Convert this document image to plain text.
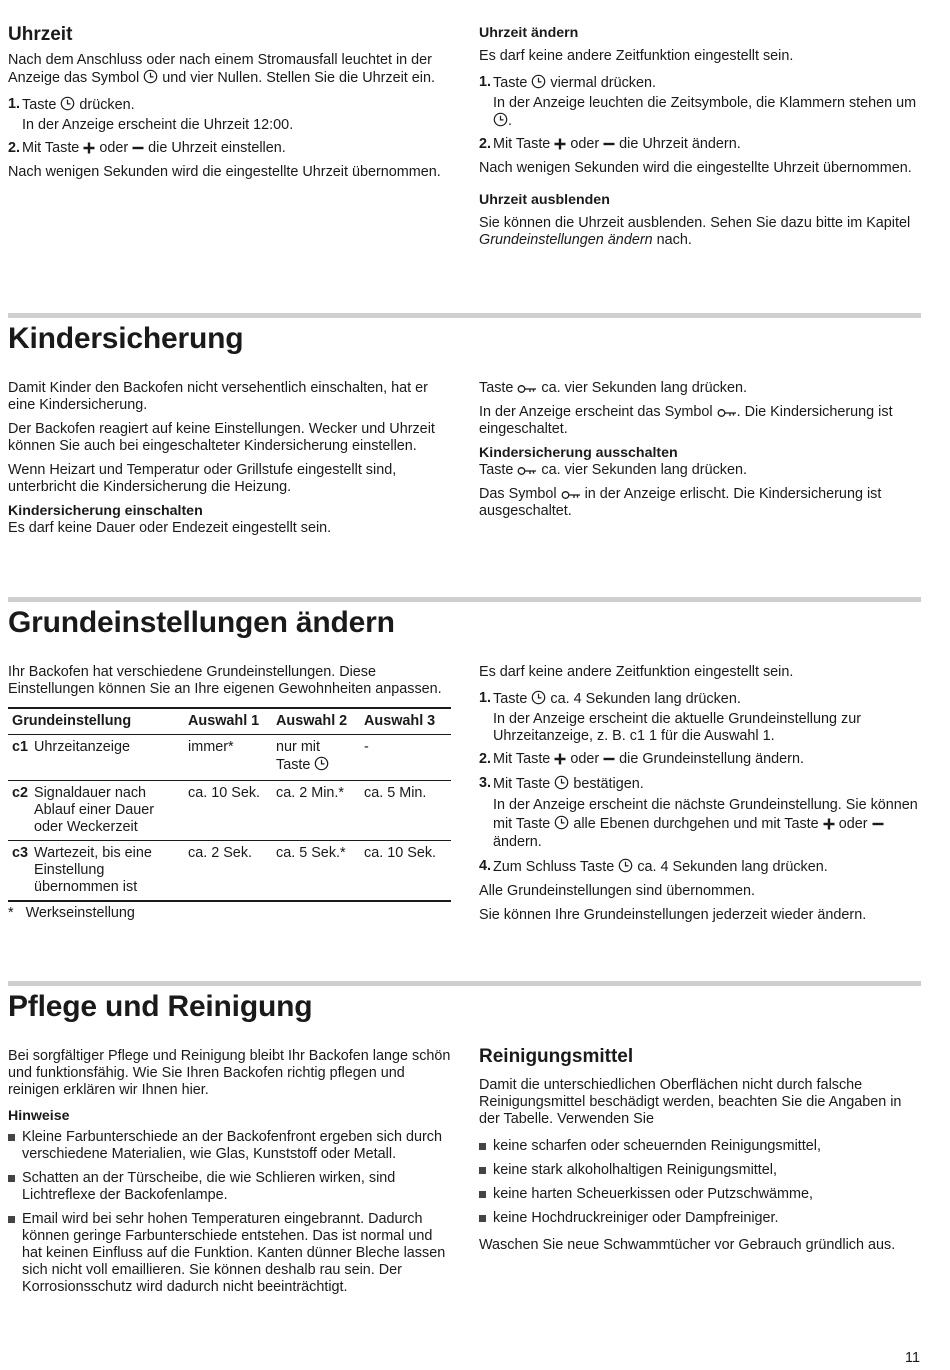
Uhrzeit

Nach dem Anschluss oder nach einem Stromausfall leuchtet in der Anzeige das Symbol und vier Nullen. Stellen Sie die Uhrzeit ein.

1. Taste drücken.
In der Anzeige erscheint die Uhrzeit 12:00.
2. Mit Taste oder die Uhrzeit einstellen.

Nach wenigen Sekunden wird die eingestellte Uhrzeit übernommen.

Uhrzeit ändern

Es darf keine andere Zeitfunktion eingestellt sein.

1. Taste viermal drücken.
In der Anzeige leuchten die Zeitsymbole, die Klammern stehen um .
2. Mit Taste oder die Uhrzeit ändern.

Nach wenigen Sekunden wird die eingestellte Uhrzeit übernommen.

Uhrzeit ausblenden

Sie können die Uhrzeit ausblenden. Sehen Sie dazu bitte im Kapitel Grundeinstellungen ändern nach.

Kindersicherung

Damit Kinder den Backofen nicht versehentlich einschalten, hat er eine Kindersicherung.

Der Backofen reagiert auf keine Einstellungen. Wecker und Uhrzeit können Sie auch bei eingeschalteter Kindersicherung einstellen.

Wenn Heizart und Temperatur oder Grillstufe eingestellt sind, unterbricht die Kindersicherung die Heizung.

Kindersicherung einschalten

Es darf keine Dauer oder Endezeit eingestellt sein.

Taste ca. vier Sekunden lang drücken.

In der Anzeige erscheint das Symbol . Die Kindersicherung ist eingeschaltet.

Kindersicherung ausschalten

Taste ca. vier Sekunden lang drücken.

Das Symbol in der Anzeige erlischt. Die Kindersicherung ist ausgeschaltet.

Grundeinstellungen ändern

Ihr Backofen hat verschiedene Grundeinstellungen. Diese Einstellungen können Sie an Ihre eigenen Gewohnheiten anpassen.

Grundeinstellung		Auswahl 1	Auswahl 2	Auswahl 3
c1	Uhrzeitanzeige	immer*	nur mit Taste	-
c2	Signaldauer nach Ablauf einer Dauer oder Weckerzeit	ca. 10 Sek.	ca. 2 Min.*	ca. 5 Min.
c3	Wartezeit, bis eine Einstellung übernommen ist	ca. 2 Sek.	ca. 5 Sek.*	ca. 10 Sek.

*   Werkseinstellung

Es darf keine andere Zeitfunktion eingestellt sein.

1. Taste ca. 4 Sekunden lang drücken.
In der Anzeige erscheint die aktuelle Grundeinstellung zur Uhrzeitanzeige, z. B. c1 1 für die Auswahl 1.
2. Mit Taste oder die Grundeinstellung ändern.
3. Mit Taste bestätigen.
In der Anzeige erscheint die nächste Grundeinstellung. Sie können mit Taste alle Ebenen durchgehen und mit Taste oder  ändern.
4. Zum Schluss Taste ca. 4 Sekunden lang drücken.

Alle Grundeinstellungen sind übernommen.

Sie können Ihre Grundeinstellungen jederzeit wieder ändern.

Pflege und Reinigung

Bei sorgfältiger Pflege und Reinigung bleibt Ihr Backofen lange schön und funktionsfähig. Wie Sie Ihren Backofen richtig pflegen und reinigen erklären wir Ihnen hier.

Hinweise
Kleine Farbunterschiede an der Backofenfront ergeben sich durch verschiedene Materialien, wie Glas, Kunststoff oder Metall.
Schatten an der Türscheibe, die wie Schlieren wirken, sind Lichtreflexe der Backofenlampe.
Email wird bei sehr hohen Temperaturen eingebrannt. Dadurch können geringe Farbunterschiede entstehen. Das ist normal und hat keinen Einfluss auf die Funktion. Kanten dünner Bleche lassen sich nicht voll emaillieren. Sie können deshalb rau sein. Der Korrosionsschutz wird dadurch nicht beeinträchtigt.
Reinigungsmittel

Damit die unterschiedlichen Oberflächen nicht durch falsche Reinigungsmittel beschädigt werden, beachten Sie die Angaben in der Tabelle. Verwenden Sie

keine scharfen oder scheuernden Reinigungsmittel,
keine stark alkoholhaltigen Reinigungsmittel,
keine harten Scheuerkissen oder Putzschwämme,
keine Hochdruckreiniger oder Dampfreiniger.

Waschen Sie neue Schwammtücher vor Gebrauch gründlich aus.

11
